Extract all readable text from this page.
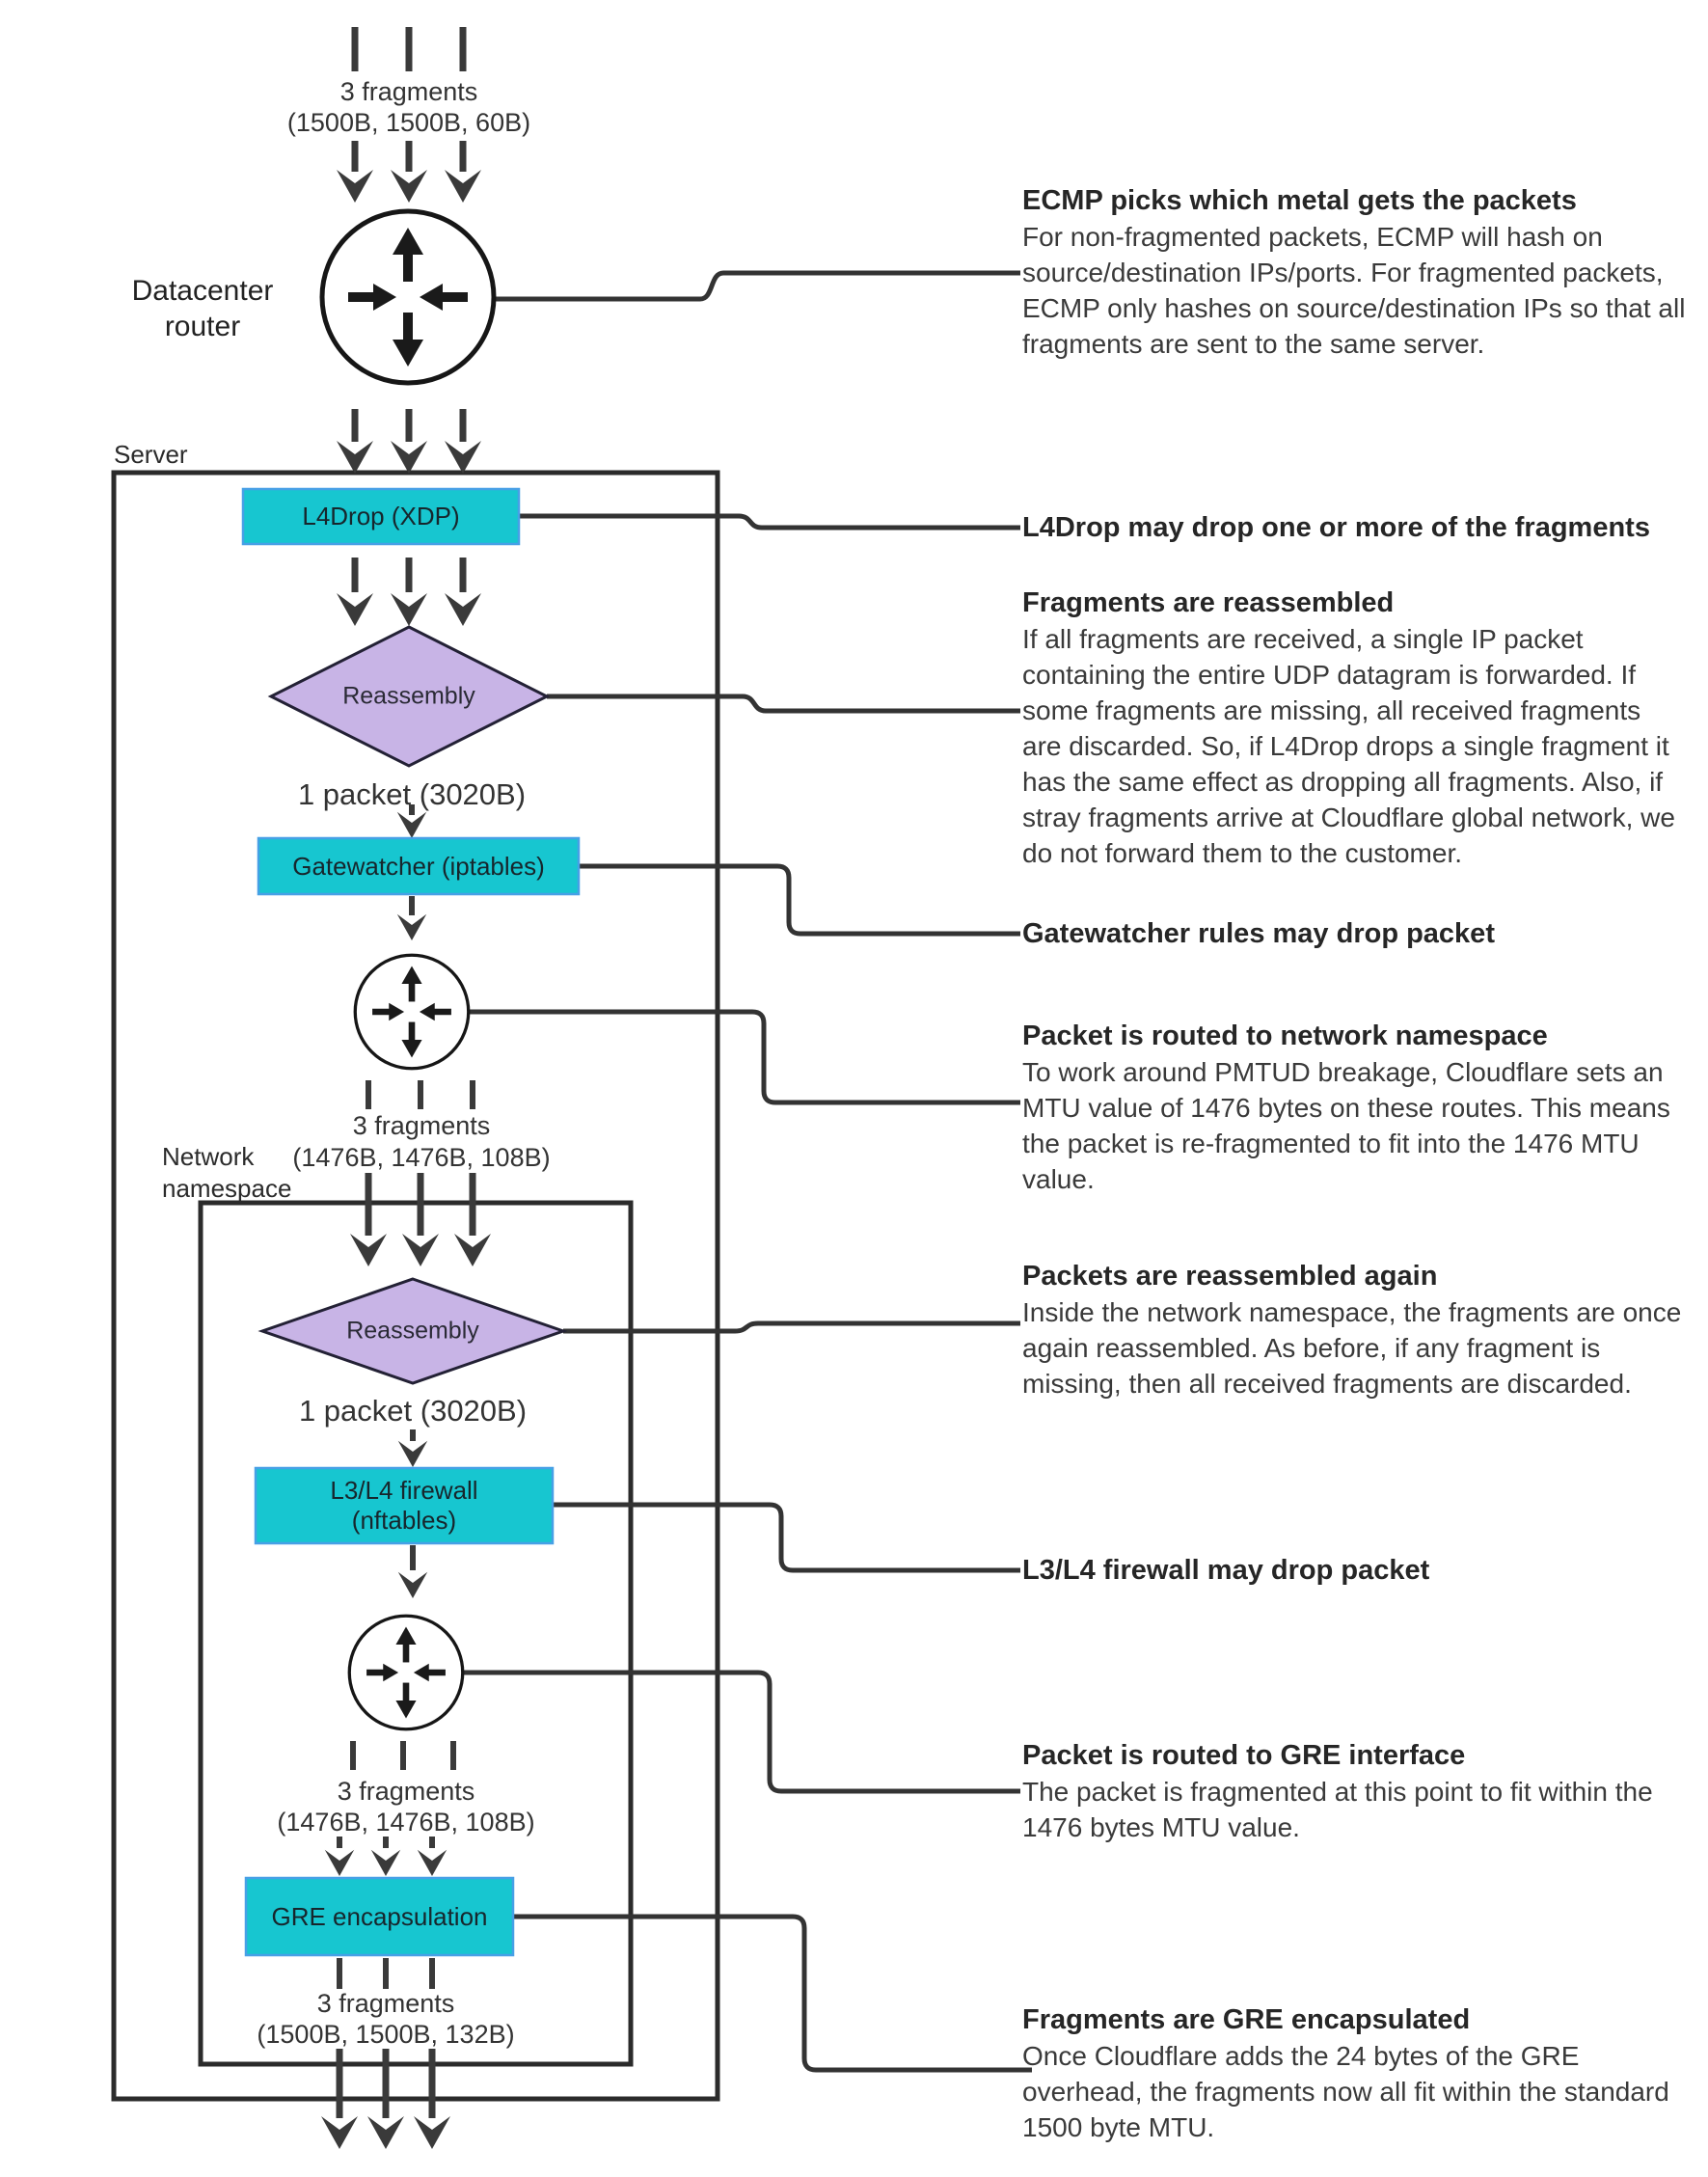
3 fragments
(1500B, 1500B, 60B)
Datacenter router
Server
L4Drop (XDP)
Reassembly
1 packet (3020B)
Gatewatcher (iptables)
3 fragments
(1476B, 1476B, 108B)
Network namespace
Reassembly
1 packet (3020B)
L3/L4 firewall
(nftables)
3 fragments
(1476B, 1476B, 108B)
GRE encapsulation
3 fragments
(1500B, 1500B, 132B)
ECMP picks which metal gets the packets
For non-fragmented packets, ECMP will hash on
source/destination IPs/ports. For fragmented packets,
ECMP only hashes on source/destination IPs so that all
fragments are sent to the same server.
L4Drop may drop one or more of the fragments
Fragments are reassembled
If all fragments are received, a single IP packet
containing the entire UDP datagram is forwarded. If
some fragments are missing, all received fragments
are discarded. So, if L4Drop drops a single fragment it
has the same effect as dropping all fragments. Also, if
stray fragments arrive at Cloudflare global network, we
do not forward them to the customer.
Gatewatcher rules may drop packet
Packet is routed to network namespace
To work around PMTUD breakage, Cloudflare sets an
MTU value of 1476 bytes on these routes. This means
the packet is re-fragmented to fit into the 1476 MTU
value.
Packets are reassembled again
Inside the network namespace, the fragments are once
again reassembled. As before, if any fragment is
missing, then all received fragments are discarded.
L3/L4 firewall may drop packet
Packet is routed to GRE interface
The packet is fragmented at this point to fit within the
1476 bytes MTU value.
Fragments are GRE encapsulated
Once Cloudflare adds the 24 bytes of the GRE
overhead, the fragments now all fit within the standard
1500 byte MTU.
